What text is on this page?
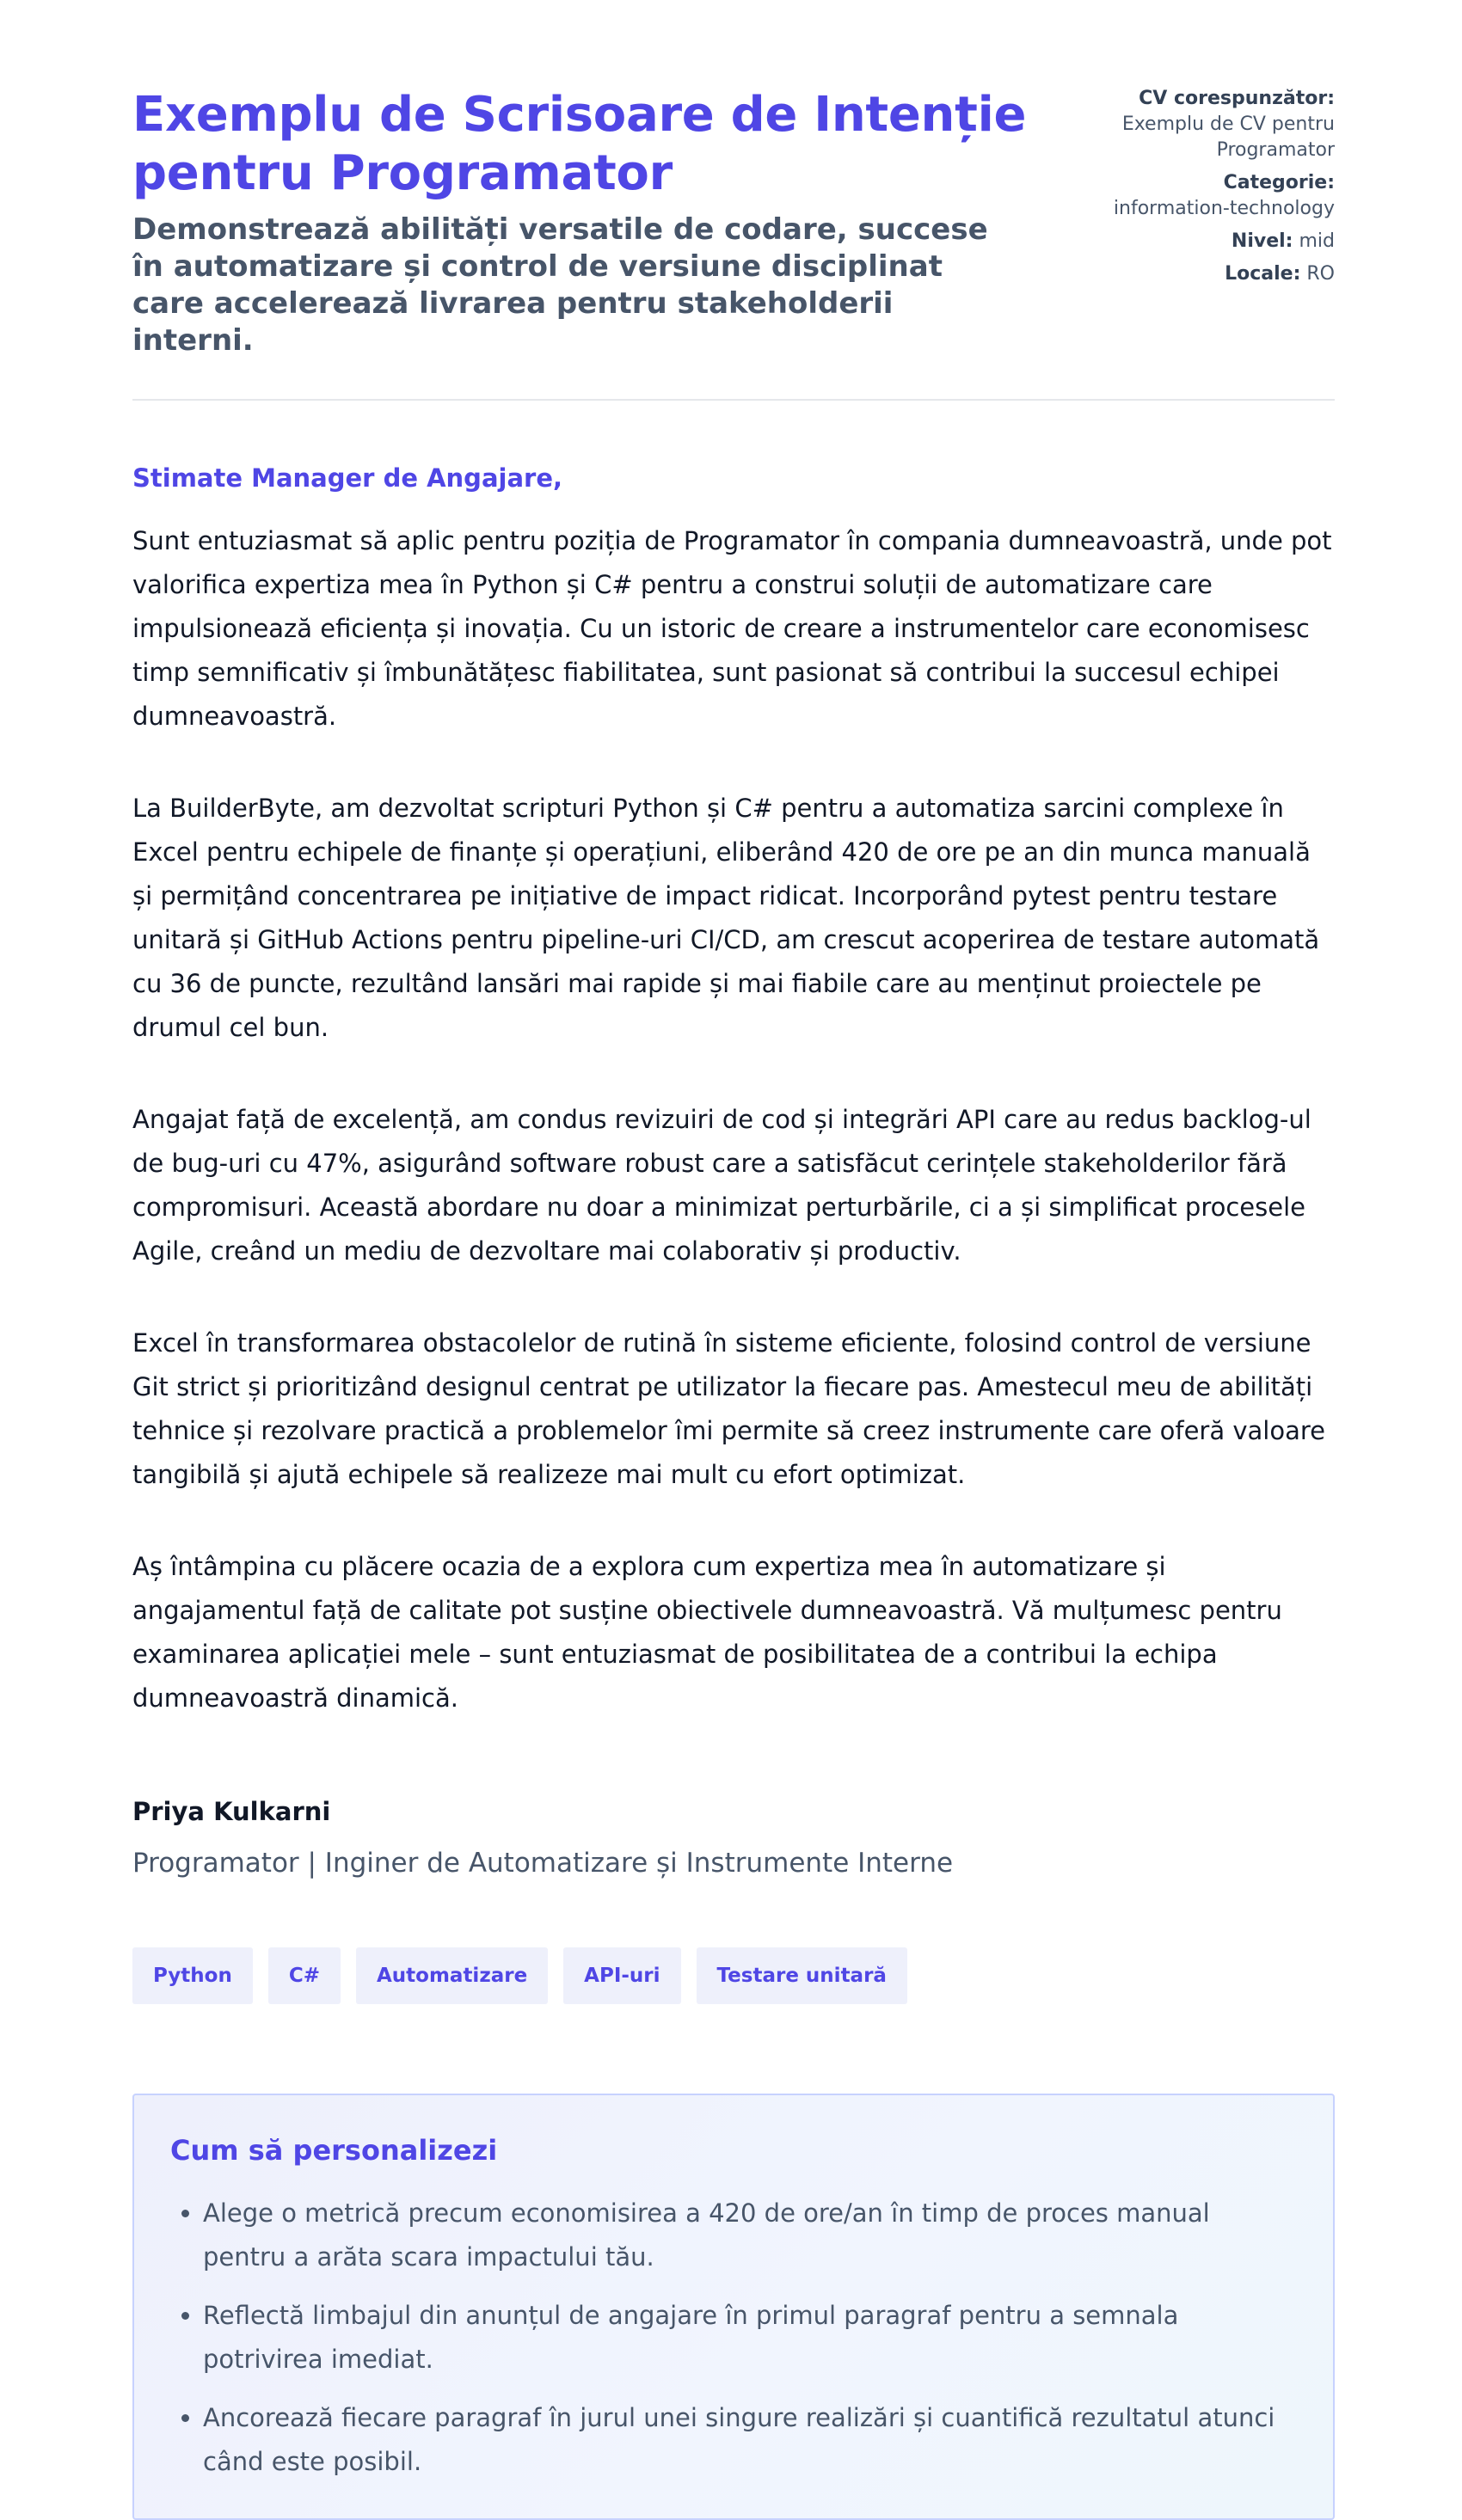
Exemplu de Scrisoare de Intenție pentru Programator

Demonstrează abilități versatile de codare, succese în automatizare și control de versiune disciplinat care accelerează livrarea pentru stakeholderii interni.

CV corespunzător:
Exemplu de CV pentru Programator
Categorie:
information-technology
Nivel: mid
Locale: RO
Stimate Manager de Angajare,

Sunt entuziasmat să aplic pentru poziția de Programator în compania dumneavoastră, unde pot valorifica expertiza mea în Python și C# pentru a construi soluții de automatizare care impulsionează eficiența și inovația. Cu un istoric de creare a instrumentelor care economisesc timp semnificativ și îmbunătățesc fiabilitatea, sunt pasionat să contribui la succesul echipei dumneavoastră.

La BuilderByte, am dezvoltat scripturi Python și C# pentru a automatiza sarcini complexe în Excel pentru echipele de finanțe și operațiuni, eliberând 420 de ore pe an din munca manuală și permițând concentrarea pe inițiative de impact ridicat. Incorporând pytest pentru testare unitară și GitHub Actions pentru pipeline-uri CI/CD, am crescut acoperirea de testare automată cu 36 de puncte, rezultând lansări mai rapide și mai fiabile care au menținut proiectele pe drumul cel bun.

Angajat față de excelență, am condus revizuiri de cod și integrări API care au redus backlog-ul de bug-uri cu 47%, asigurând software robust care a satisfăcut cerințele stakeholderilor fără compromisuri. Această abordare nu doar a minimizat perturbările, ci a și simplificat procesele Agile, creând un mediu de dezvoltare mai colaborativ și productiv.

Excel în transformarea obstacolelor de rutină în sisteme eficiente, folosind control de versiune Git strict și prioritizând designul centrat pe utilizator la fiecare pas. Amestecul meu de abilități tehnice și rezolvare practică a problemelor îmi permite să creez instrumente care oferă valoare tangibilă și ajută echipele să realizeze mai mult cu efort optimizat.

Aș întâmpina cu plăcere ocazia de a explora cum expertiza mea în automatizare și angajamentul față de calitate pot susține obiectivele dumneavoastră. Vă mulțumesc pentru examinarea aplicației mele – sunt entuziasmat de posibilitatea de a contribui la echipa dumneavoastră dinamică.

Priya Kulkarni
Programator | Inginer de Automatizare și Instrumente Interne
Python	C#	Automatizare	API-uri	Testare unitară
Cum să personalizezi
• Alege o metrică precum economisirea a 420 de ore/an în timp de proces manual pentru a arăta scara impactului tău.
• Reflectă limbajul din anunțul de angajare în primul paragraf pentru a semnala potrivirea imediat.
• Ancorează fiecare paragraf în jurul unei singure realizări și cuantifică rezultatul atunci când este posibil.
